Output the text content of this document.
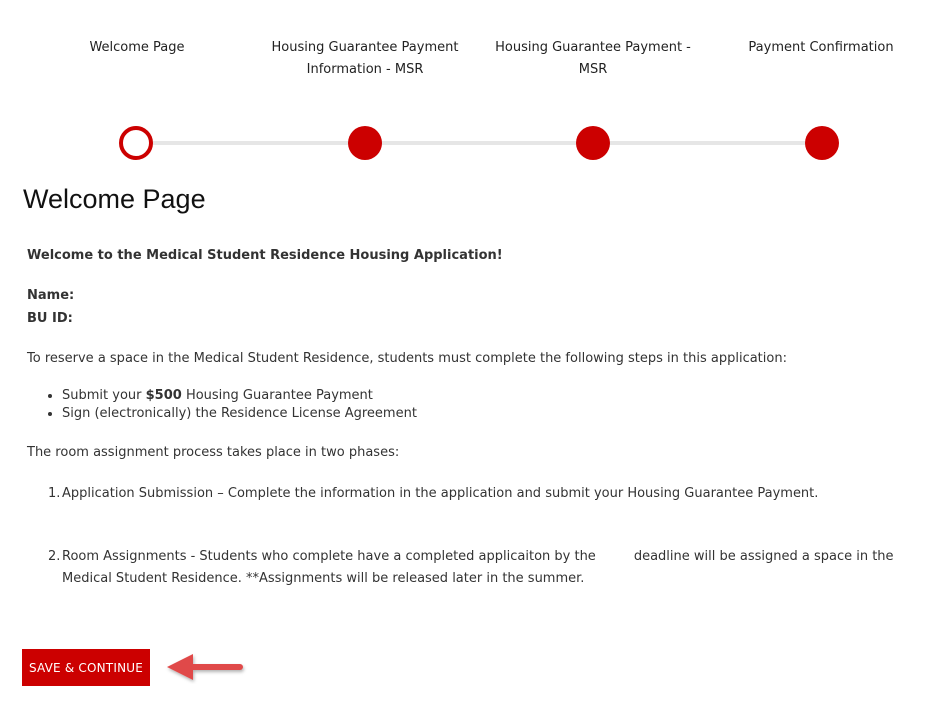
Welcome Page	Housing Guarantee Payment Information - MSR
Housing Guarantee Payment - MSR
Payment Confirmation
Welcome Page

Welcome to the Medical Student Residence Housing Application!

Name:

BU ID:

To reserve a space in the Medical Student Residence, students must complete the following steps in this application:

• Submit your $500 Housing Guarantee Payment
• Sign (electronically) the Residence License Agreement

The room assignment process takes place in two phases:

1. Application Submission – Complete the information in the application and submit your Housing Guarantee Payment.
2. Room Assignments - Students who complete have a completed applicaiton by the	deadline will be assigned a space in the Medical Student Residence. **Assignments will be released later in the summer.
SAVE & CONTINUE
